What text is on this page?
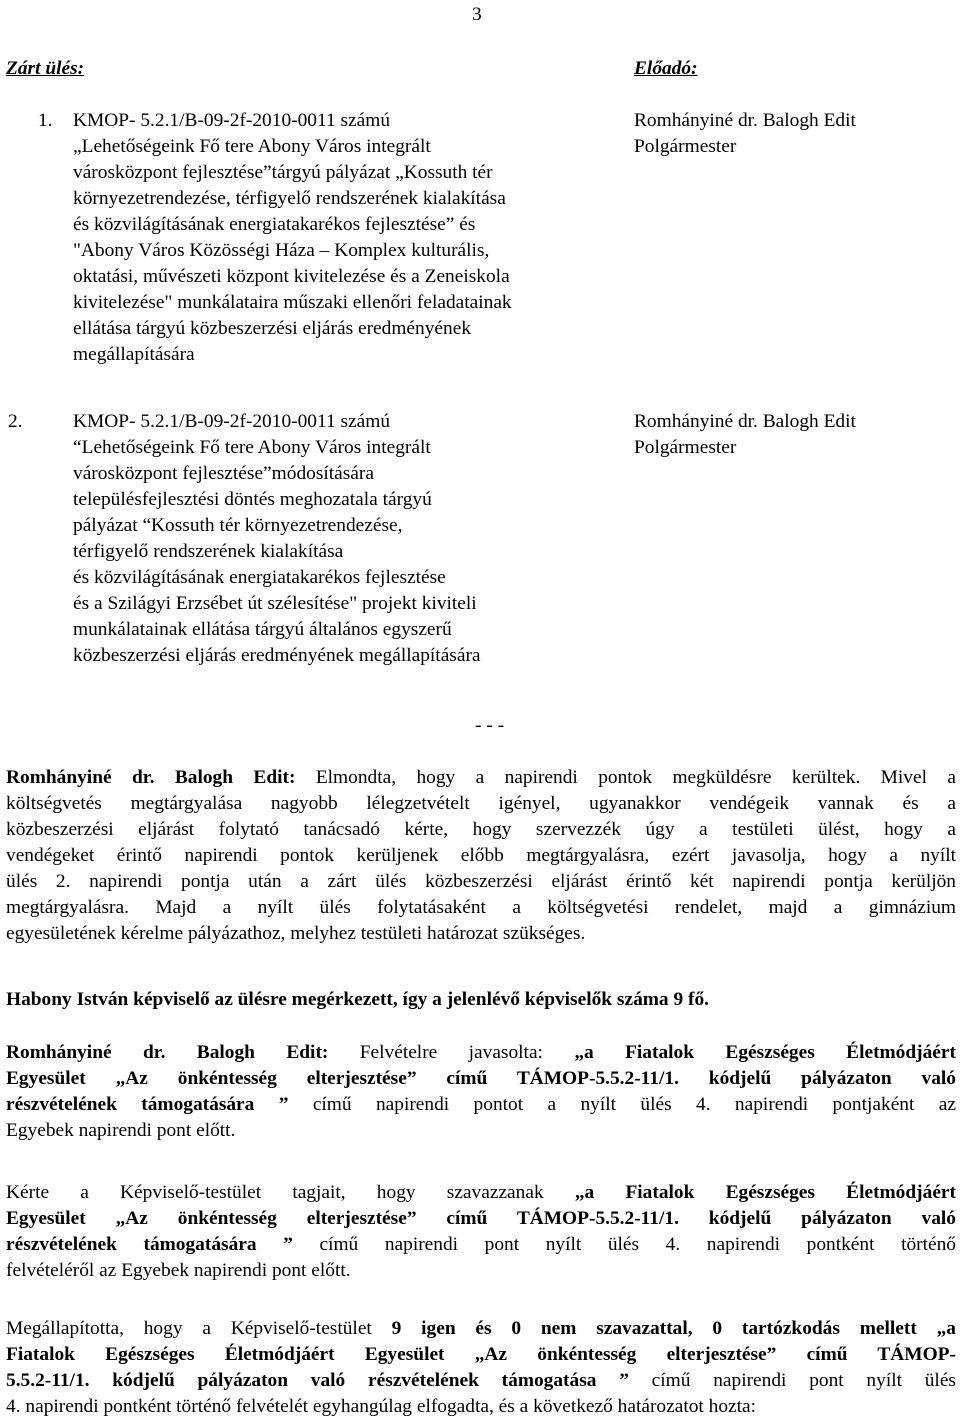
3
Zárt ülés:	Előadó:
1. KMOP- 5.2.1/B-09-2f-2010-0011 számú
„Lehetőségeink Fő tere Abony Város integrált
városközpont fejlesztése”tárgyú pályázat „Kossuth tér
környezetrendezése, térfigyelő rendszerének kialakítása
és közvilágításának energiatakarékos fejlesztése” és
"Abony Város Közösségi Háza – Komplex kulturális,
oktatási, művészeti központ kivitelezése és a Zeneiskola
kivitelezése" munkálataira műszaki ellenőri feladatainak
ellátása tárgyú közbeszerzési eljárás eredményének
megállapítására
Romhányiné dr. Balogh Edit
Polgármester
2.	KMOP- 5.2.1/B-09-2f-2010-0011 számú
“Lehetőségeink Fő tere Abony Város integrált
városközpont fejlesztése”módosítására
településfejlesztési döntés meghozatala tárgyú
pályázat “Kossuth tér környezetrendezése,
térfigyelő rendszerének kialakítása
és közvilágításának energiatakarékos fejlesztése
és a Szilágyi Erzsébet út szélesítése" projekt kiviteli
munkálatainak ellátása tárgyú általános egyszerű
közbeszerzési eljárás eredményének megállapítására
Romhányiné dr. Balogh Edit
Polgármester
- - -
Romhányiné dr. Balogh Edit: Elmondta, hogy a napirendi pontok megküldésre kerültek. Mivel a
költségvetés megtárgyalása nagyobb lélegzetvételt igényel, ugyanakkor vendégeik vannak és a
közbeszerzési eljárást folytató tanácsadó kérte, hogy szervezzék úgy a testületi ülést, hogy a
vendégeket érintő napirendi pontok kerüljenek előbb megtárgyalásra, ezért javasolja, hogy a nyílt
ülés 2. napirendi pontja után a zárt ülés közbeszerzési eljárást érintő két napirendi pontja kerüljön
megtárgyalásra. Majd a nyílt ülés folytatásaként a költségvetési rendelet, majd a gimnázium
egyesületének kérelme pályázathoz, melyhez testületi határozat szükséges.
Habony István képviselő az ülésre megérkezett, így a jelenlévő képviselők száma 9 fő.
Romhányiné dr. Balogh Edit: Felvételre javasolta: „a Fiatalok Egészséges Életmódjáért
Egyesület „Az önkéntesség elterjesztése” című TÁMOP-5.5.2-11/1. kódjelű pályázaton való
részvételének támogatására ” című napirendi pontot a nyílt ülés 4. napirendi pontjaként az
Egyebek napirendi pont előtt.
Kérte a Képviselő-testület tagjait, hogy szavazzanak „a Fiatalok Egészséges Életmódjáért
Egyesület „Az önkéntesség elterjesztése” című TÁMOP-5.5.2-11/1. kódjelű pályázaton való
részvételének támogatására ” című napirendi pont nyílt ülés 4. napirendi pontként történő
felvételéről az Egyebek napirendi pont előtt.
Megállapította, hogy a Képviselő-testület 9 igen és 0 nem szavazattal, 0 tartózkodás mellett „a
Fiatalok Egészséges Életmódjáért Egyesület „Az önkéntesség elterjesztése” című TÁMOP-
5.5.2-11/1. kódjelű pályázaton való részvételének támogatása ” című napirendi pont nyílt ülés
4. napirendi pontként történő felvételét egyhangúlag elfogadta, és a következő határozatot hozta:
